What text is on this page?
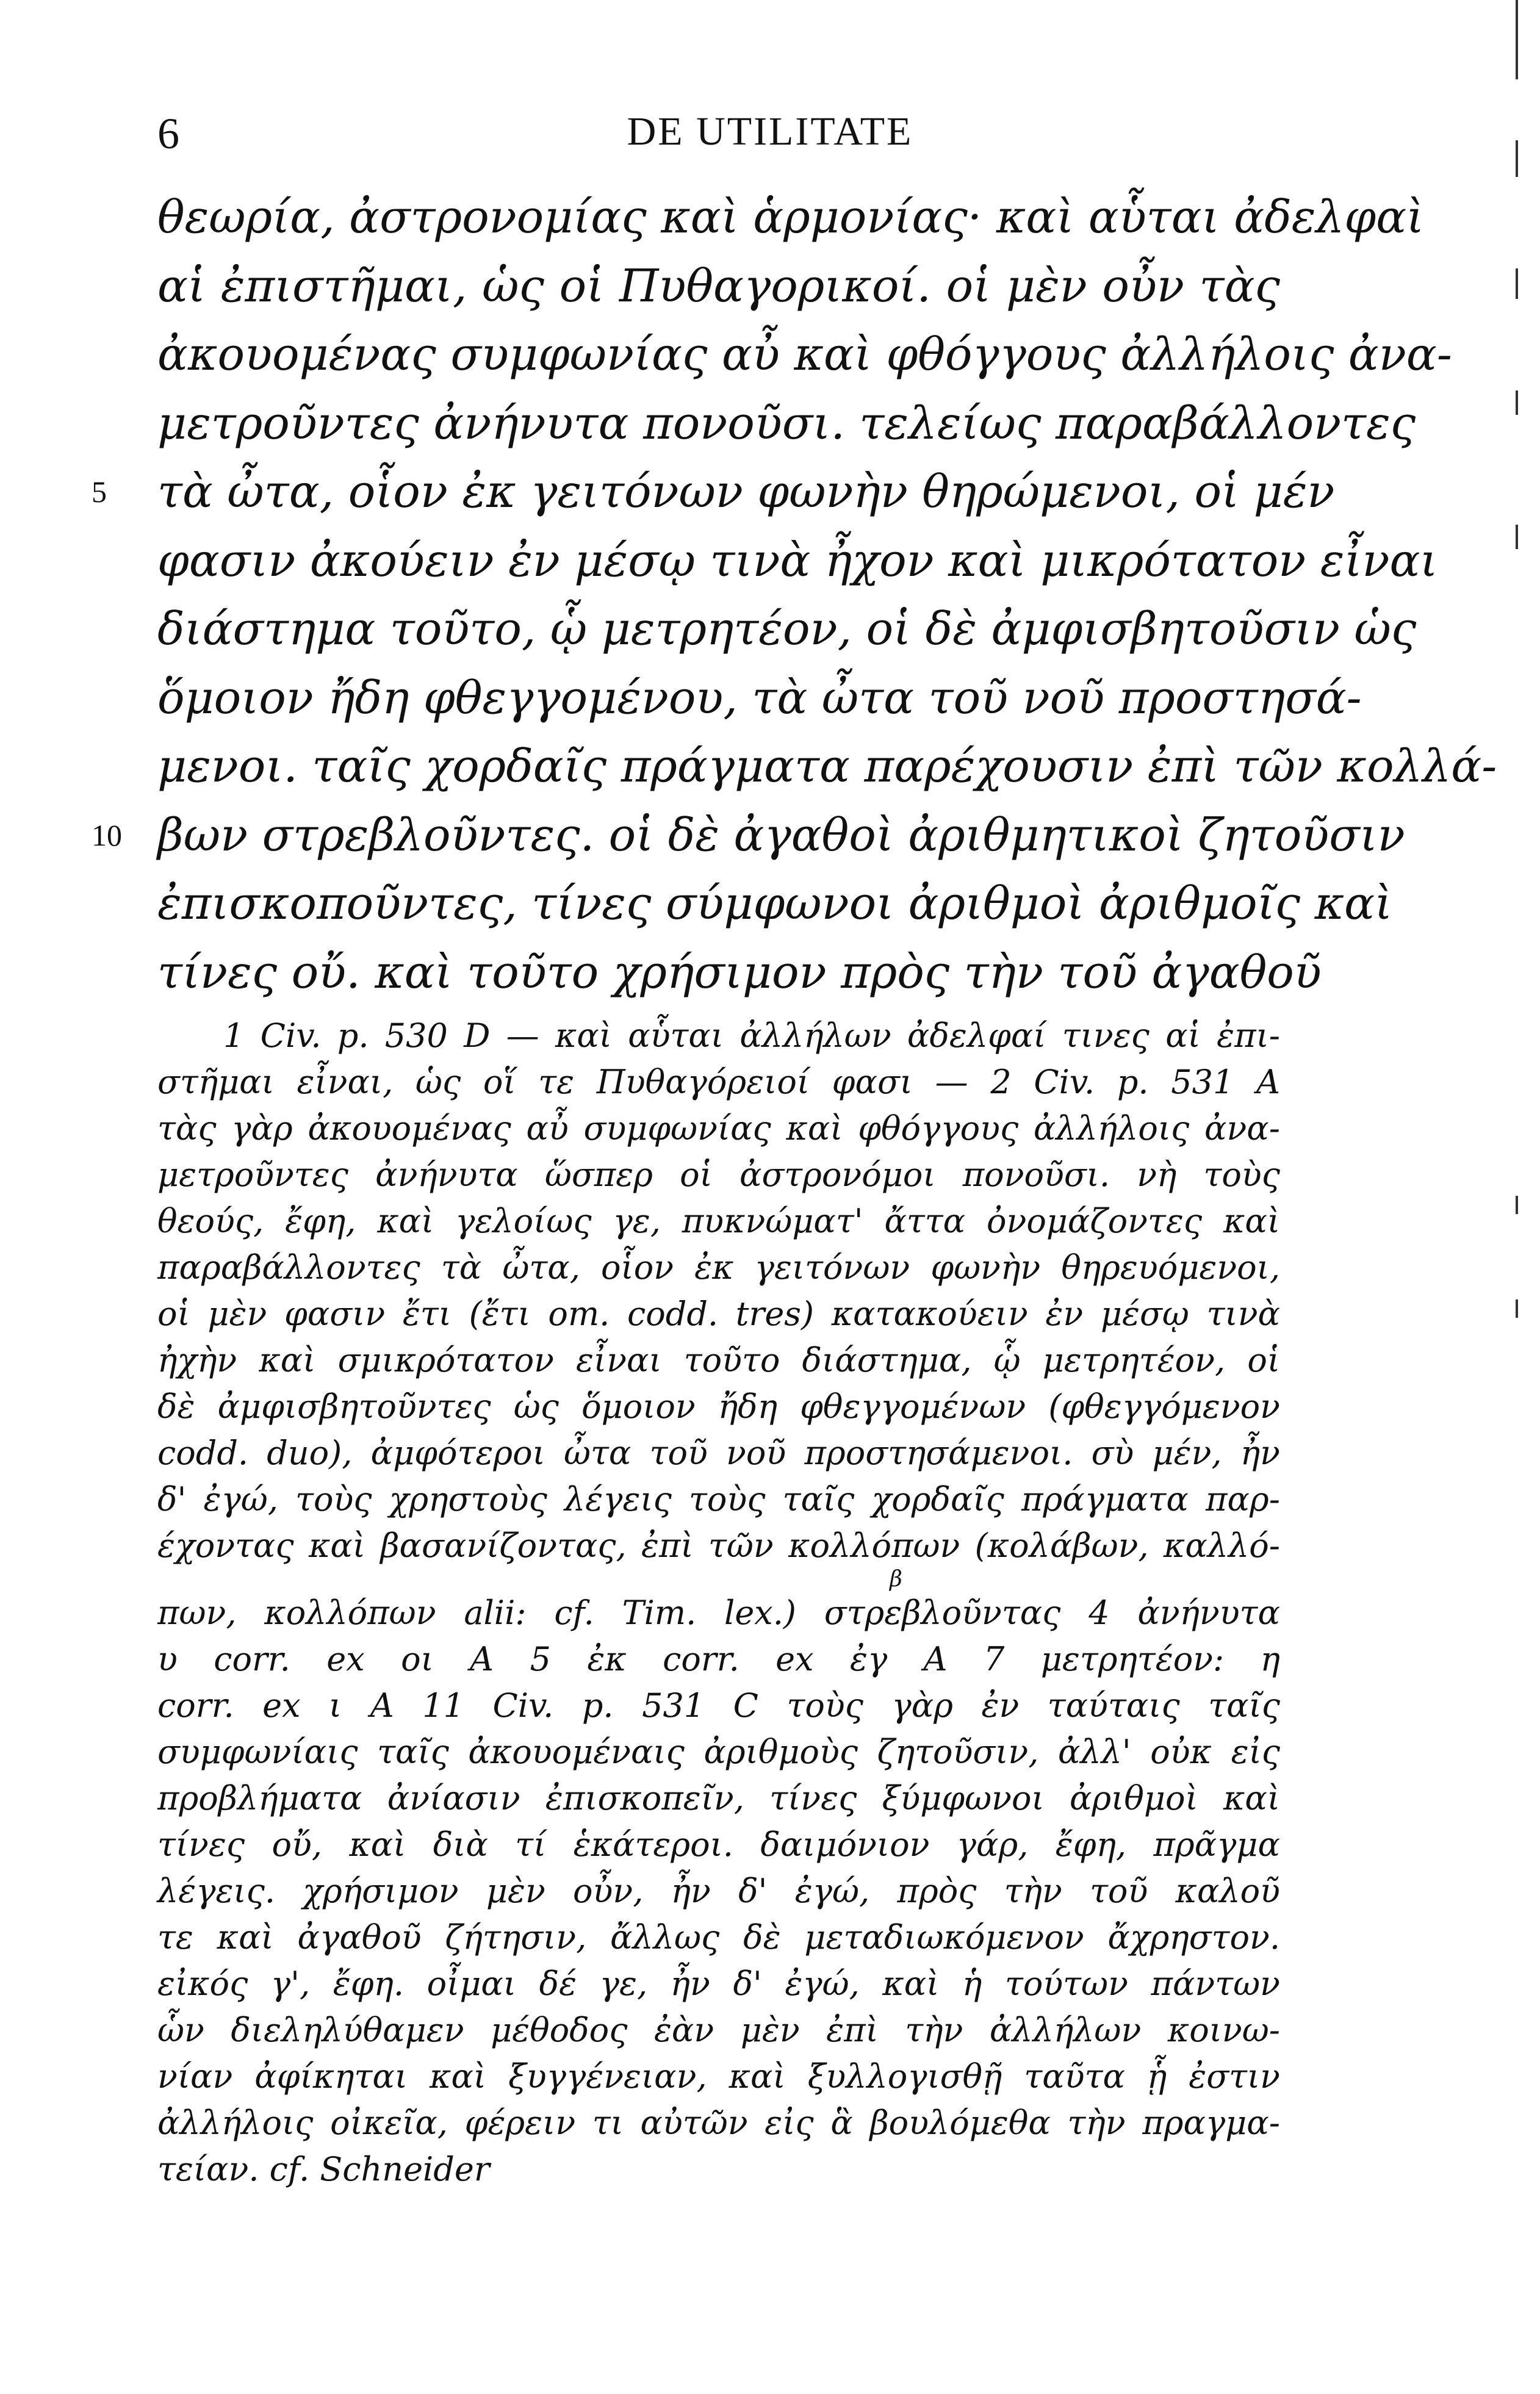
6	DE UTILITATE
θεωρία, ἀστρονομίας καὶ ἁρμονίας· καὶ αὗται ἀδελφαὶ
αἱ ἐπιστῆμαι, ὡς οἱ Πυθαγορικοί. οἱ μὲν οὖν τὰς
ἀκουομένας συμφωνίας αὖ καὶ φθόγγους ἀλλήλοις ἀνα-
μετροῦντες ἀνήνυτα πονοῦσι. τελείως παραβάλλοντες
5	τὰ ὦτα, οἷον ἐκ γειτόνων φωνὴν θηρώμενοι, οἱ μέν
φασιν ἀκούειν ἐν μέσῳ τινὰ ἦχον καὶ μικρότατον εἶναι
διάστημα τοῦτο, ᾧ μετρητέον, οἱ δὲ ἀμφισβητοῦσιν ὡς
ὅμοιον ἤδη φθεγγομένου, τὰ ὦτα τοῦ νοῦ προστησά-
μενοι. ταῖς χορδαῖς πράγματα παρέχουσιν ἐπὶ τῶν κολλά-
10 βων στρεβλοῦντες. οἱ δὲ ἀγαθοὶ ἀριθμητικοὶ ζητοῦσιν
ἐπισκοποῦντες, τίνες σύμφωνοι ἀριθμοὶ ἀριθμοῖς καὶ
τίνες οὔ. καὶ τοῦτο χρήσιμον πρὸς τὴν τοῦ ἀγαθοῦ
1 Civ. p. 530 D — καὶ αὗται ἀλλήλων ἀδελφαί τινες αἱ ἐπι-
στῆμαι εἶναι, ὡς οἵ τε Πυθαγόρειοί φασι — 2 Civ. p. 531 A
τὰς γὰρ ἀκουομένας αὖ συμφωνίας καὶ φθόγγους ἀλλήλοις ἀνα-
μετροῦντες ἀνήνυτα ὥσπερ οἱ ἀστρονόμοι πονοῦσι. νὴ τοὺς
θεούς, ἔφη, καὶ γελοίως γε, πυκνώματ' ἄττα ὀνομάζοντες καὶ
παραβάλλοντες τὰ ὦτα, οἷον ἐκ γειτόνων φωνὴν θηρευόμενοι,
οἱ μὲν φασιν ἔτι (ἔτι om. codd. tres) κατακούειν ἐν μέσῳ τινὰ
ἠχὴν καὶ σμικρότατον εἶναι τοῦτο διάστημα, ᾧ μετρητέον, οἱ
δὲ ἀμφισβητοῦντες ὡς ὅμοιον ἤδη φθεγγομένων (φθεγγόμενον
codd. duo), ἀμφότεροι ὦτα τοῦ νοῦ προστησάμενοι. σὺ μέν, ἦν
δ' ἐγώ, τοὺς χρηστοὺς λέγεις τοὺς ταῖς χορδαῖς πράγματα παρ-
έχοντας καὶ βασανίζοντας, ἐπὶ τῶν κολλόπων (κολάβων, καλλό-
β
πων, κολλόπων alii: cf. Tim. lex.) στρεβλοῦντας 4 ἀνήνυτα
υ corr. ex οι A 5 ἐκ corr. ex ἐγ A 7 μετρητέον: η
corr. ex ι A 11 Civ. p. 531 C τοὺς γὰρ ἐν ταύταις ταῖς
συμφωνίαις ταῖς ἀκουομέναις ἀριθμοὺς ζητοῦσιν, ἀλλ' οὐκ εἰς
προβλήματα ἀνίασιν ἐπισκοπεῖν, τίνες ξύμφωνοι ἀριθμοὶ καὶ
τίνες οὔ, καὶ διὰ τί ἑκάτεροι. δαιμόνιον γάρ, ἔφη, πρᾶγμα
λέγεις. χρήσιμον μὲν οὖν, ἦν δ' ἐγώ, πρὸς τὴν τοῦ καλοῦ
τε καὶ ἀγαθοῦ ζήτησιν, ἄλλως δὲ μεταδιωκόμενον ἄχρηστον.
εἰκός γ', ἔφη. οἶμαι δέ γε, ἦν δ' ἐγώ, καὶ ἡ τούτων πάντων
ὧν διεληλύθαμεν μέθοδος ἐὰν μὲν ἐπὶ τὴν ἀλλήλων κοινω-
νίαν ἀφίκηται καὶ ξυγγένειαν, καὶ ξυλλογισθῇ ταῦτα ᾗ ἐστιν
ἀλλήλοις οἰκεῖα, φέρειν τι αὐτῶν εἰς ἃ βουλόμεθα τὴν πραγμα-
τείαν. cf. Schneider
